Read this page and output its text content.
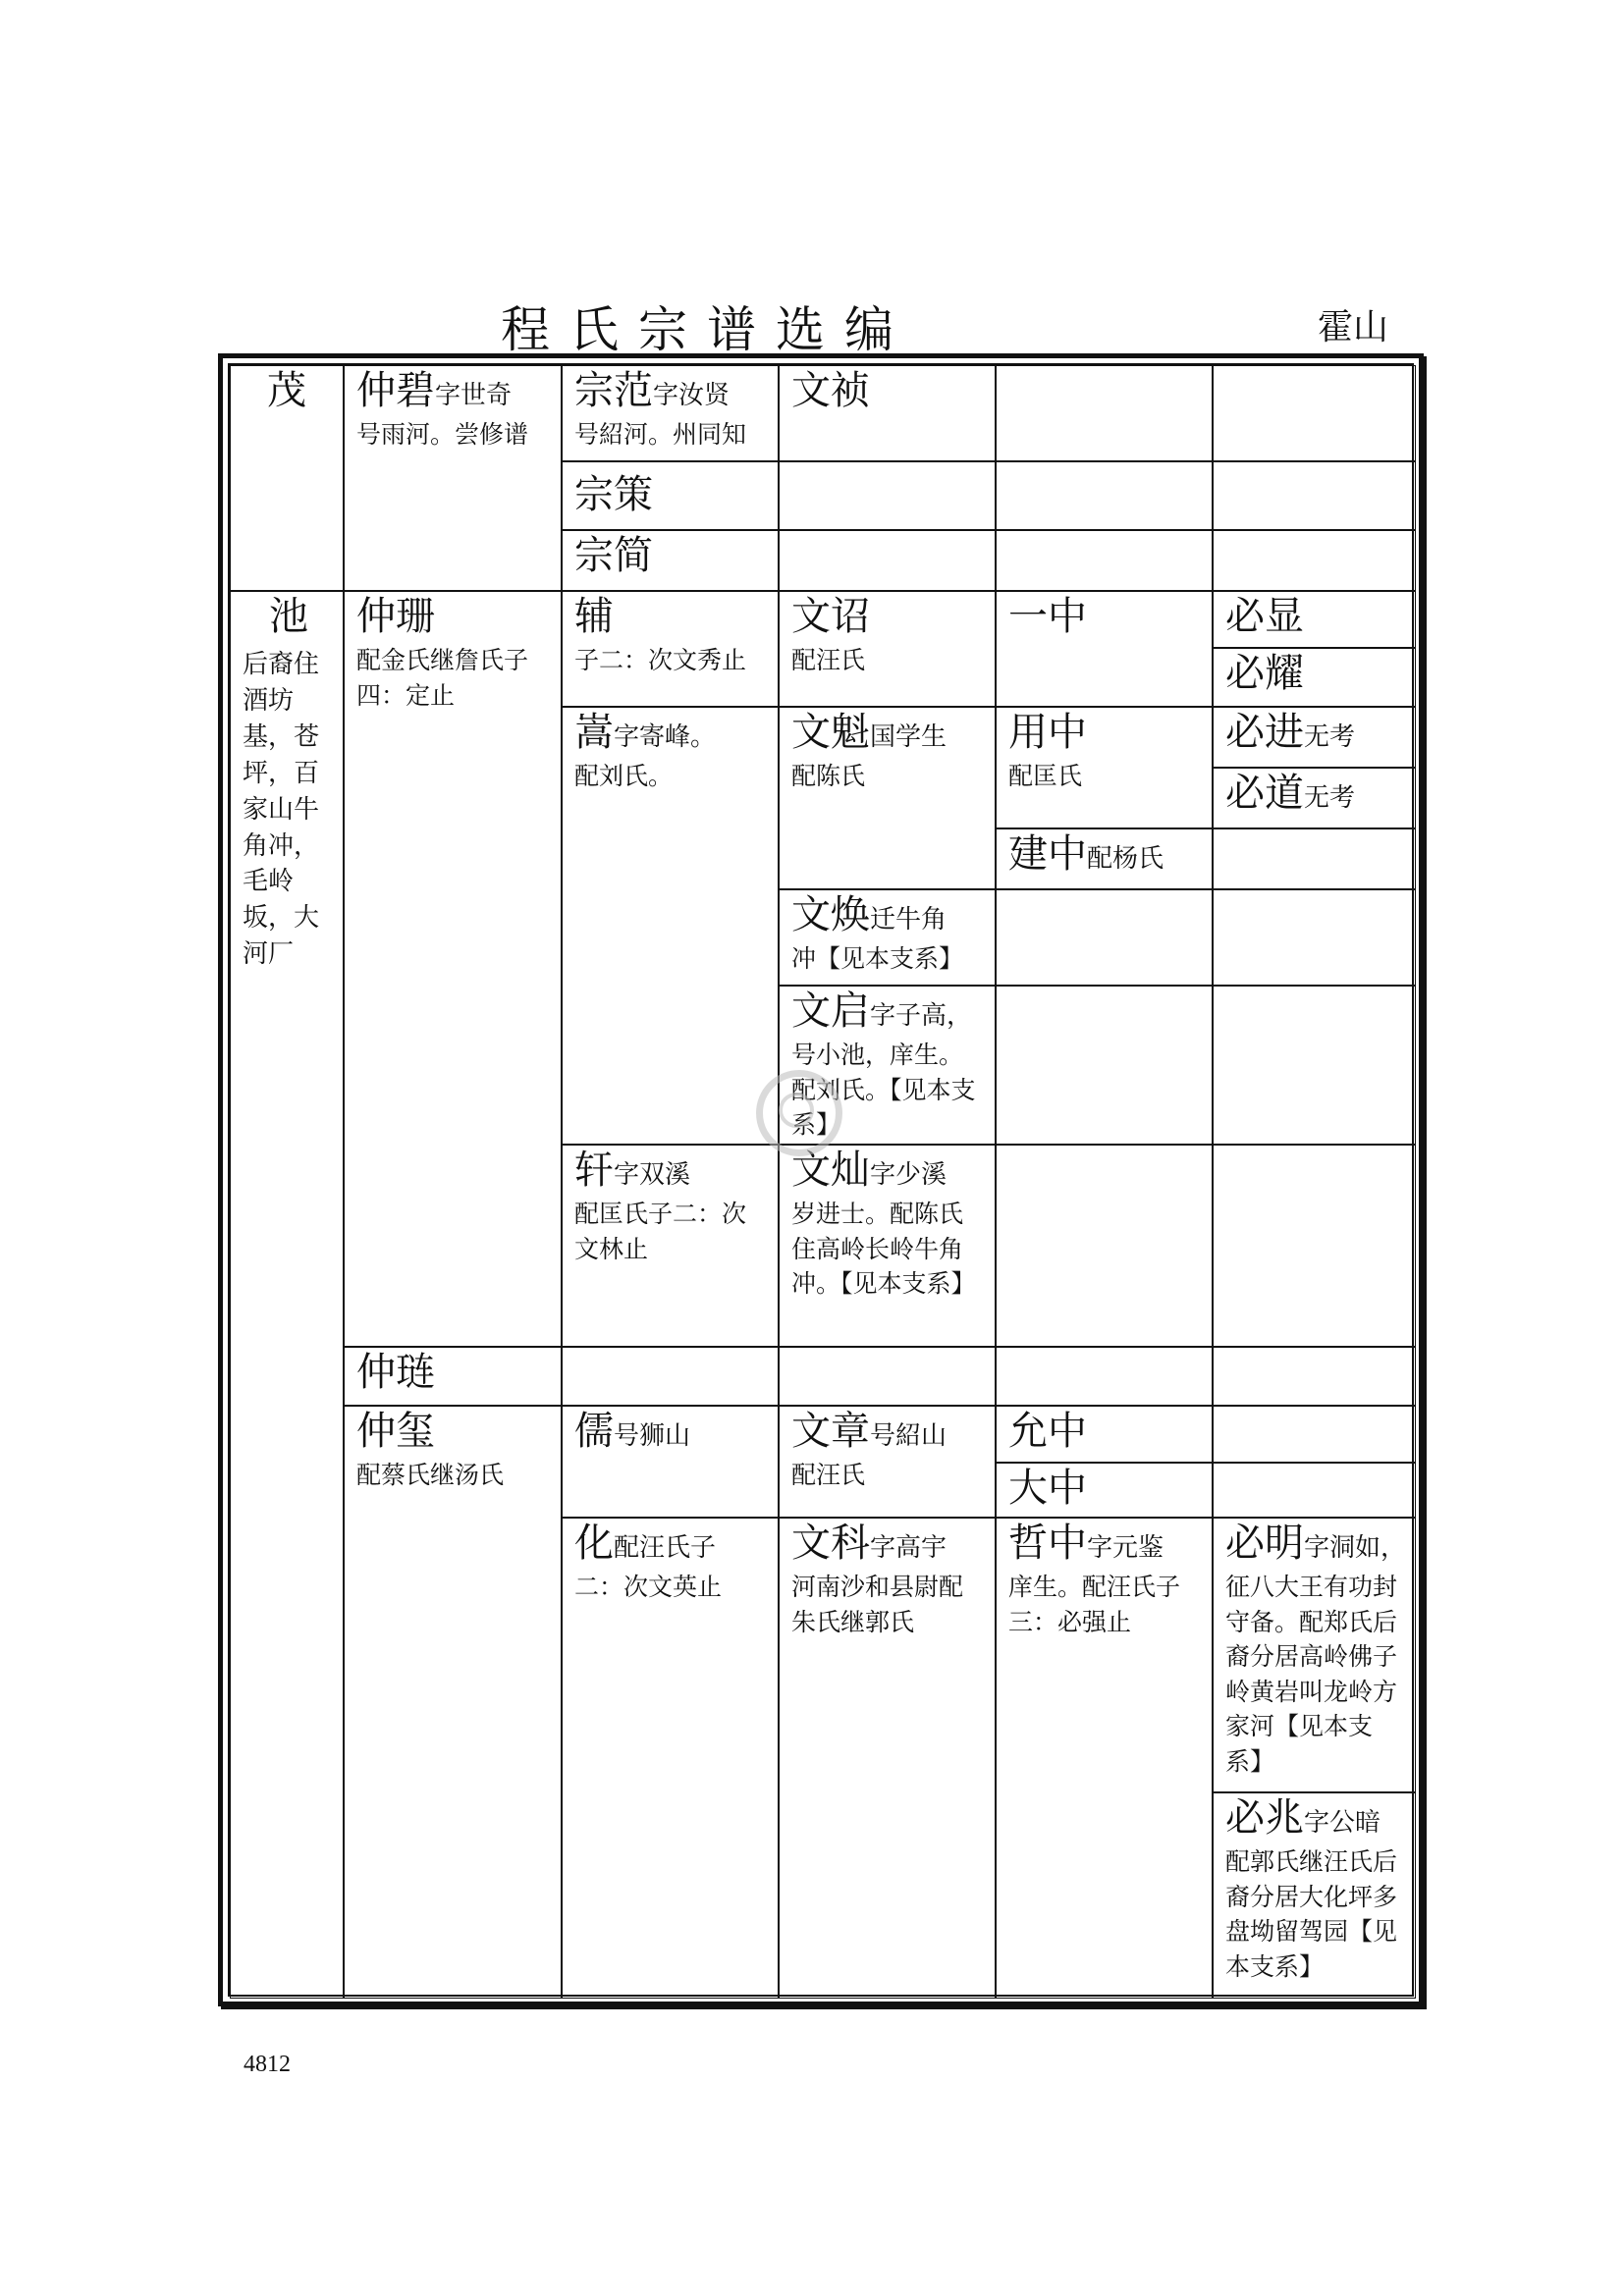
程氏宗谱选编	霍山
茂
池
后裔住酒坊基，苍坪，百家山牛角冲，毛岭坂，大河厂
仲碧字世奇
号雨河。尝修谱
仲珊
配金氏继詹氏子四：定止
仲琏
仲玺
配蔡氏继汤氏
宗范字汝贤
号紹河。州同知
宗策
宗简
辅
子二：次文秀止
嵩字寄峰。
配刘氏。
轩字双溪
配匡氏子二：次文林止
儒号狮山
化配汪氏子
二：次文英止
文祯
文诏
配汪氏
文魁国学生
配陈氏
文焕迁牛角
冲【见本支系】
文启字子高，
号小池，庠生。配刘氏。【见本支系】
文灿字少溪
岁进士。配陈氏住高岭长岭牛角冲。【见本支系】
文章号紹山
配汪氏
文科字高宇
河南沙和县尉配朱氏继郭氏
一中
用中
配匡氏
建中配杨氏
允中
大中
哲中字元鉴
庠生。配汪氏子三：必强止
必显
必耀
必进无考
必道无考
必明字洞如，
征八大王有功封守备。配郑氏后裔分居高岭佛子岭黄岩叫龙岭方家河【见本支系】
必兆字公暗
配郭氏继汪氏后裔分居大化坪多盘坳留驾园【见本支系】
4812
